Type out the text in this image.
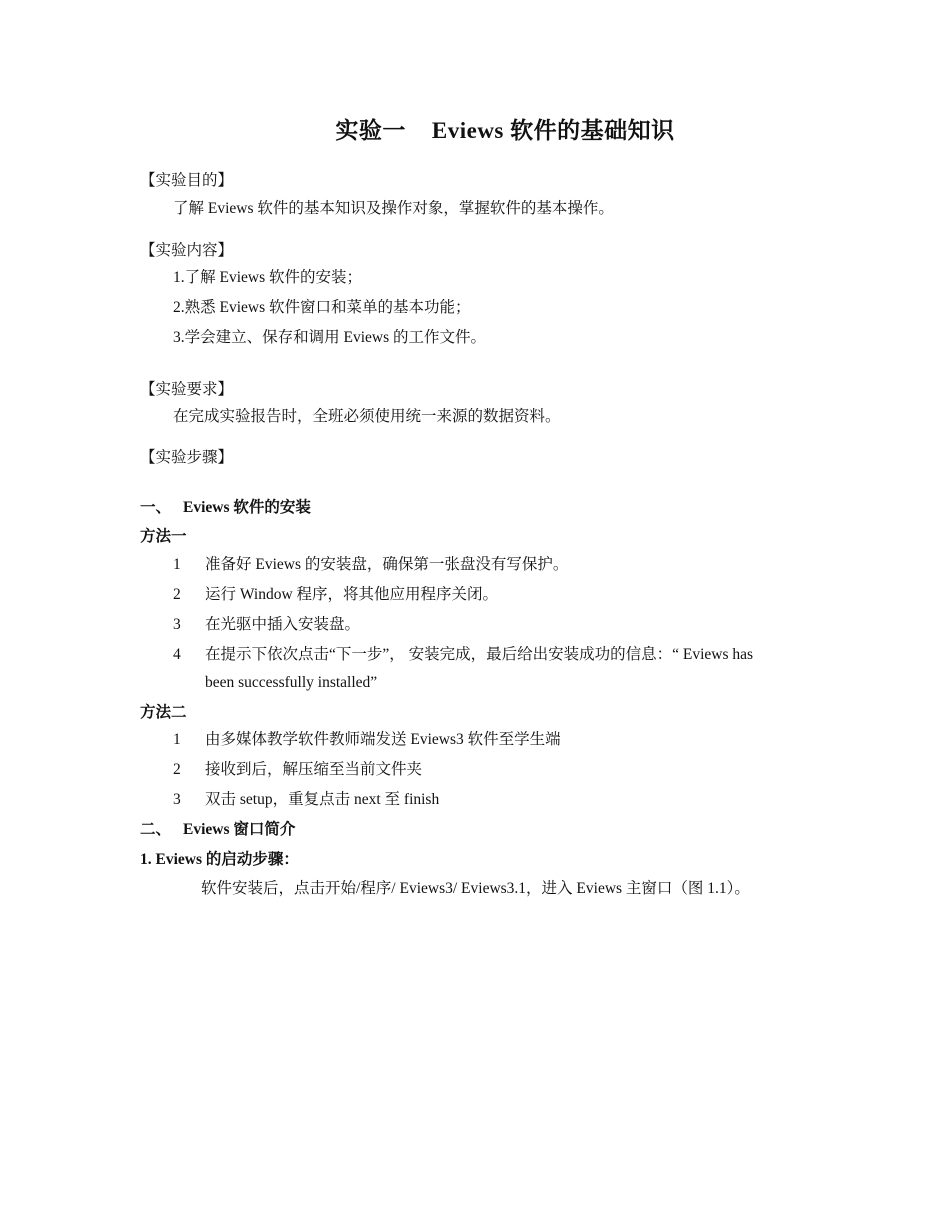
实验一 Eviews 软件的基础知识
【实验目的】
了解 Eviews 软件的基本知识及操作对象，掌握软件的基本操作。
【实验内容】
1.了解 Eviews 软件的安装；
2.熟悉 Eviews 软件窗口和菜单的基本功能；
3.学会建立、保存和调用 Eviews 的工作文件。
【实验要求】
在完成实验报告时，全班必须使用统一来源的数据资料。
【实验步骤】
一、 Eviews 软件的安装
方法一
1 准备好 Eviews 的安装盘，确保第一张盘没有写保护。
2 运行 Window 程序，将其他应用程序关闭。
3 在光驱中插入安装盘。
4 在提示下依次点击“下一步”， 安装完成，最后给出安装成功的信息：“ Eviews has
been successfully installed”
方法二
1 由多媒体教学软件教师端发送 Eviews3 软件至学生端
2 接收到后，解压缩至当前文件夹
3 双击 setup，重复点击 next 至 finish
二、 Eviews 窗口简介
1. Eviews 的启动步骤：
软件安装后，点击开始/程序/ Eviews3/ Eviews3.1，进入 Eviews 主窗口（图 1.1）。
